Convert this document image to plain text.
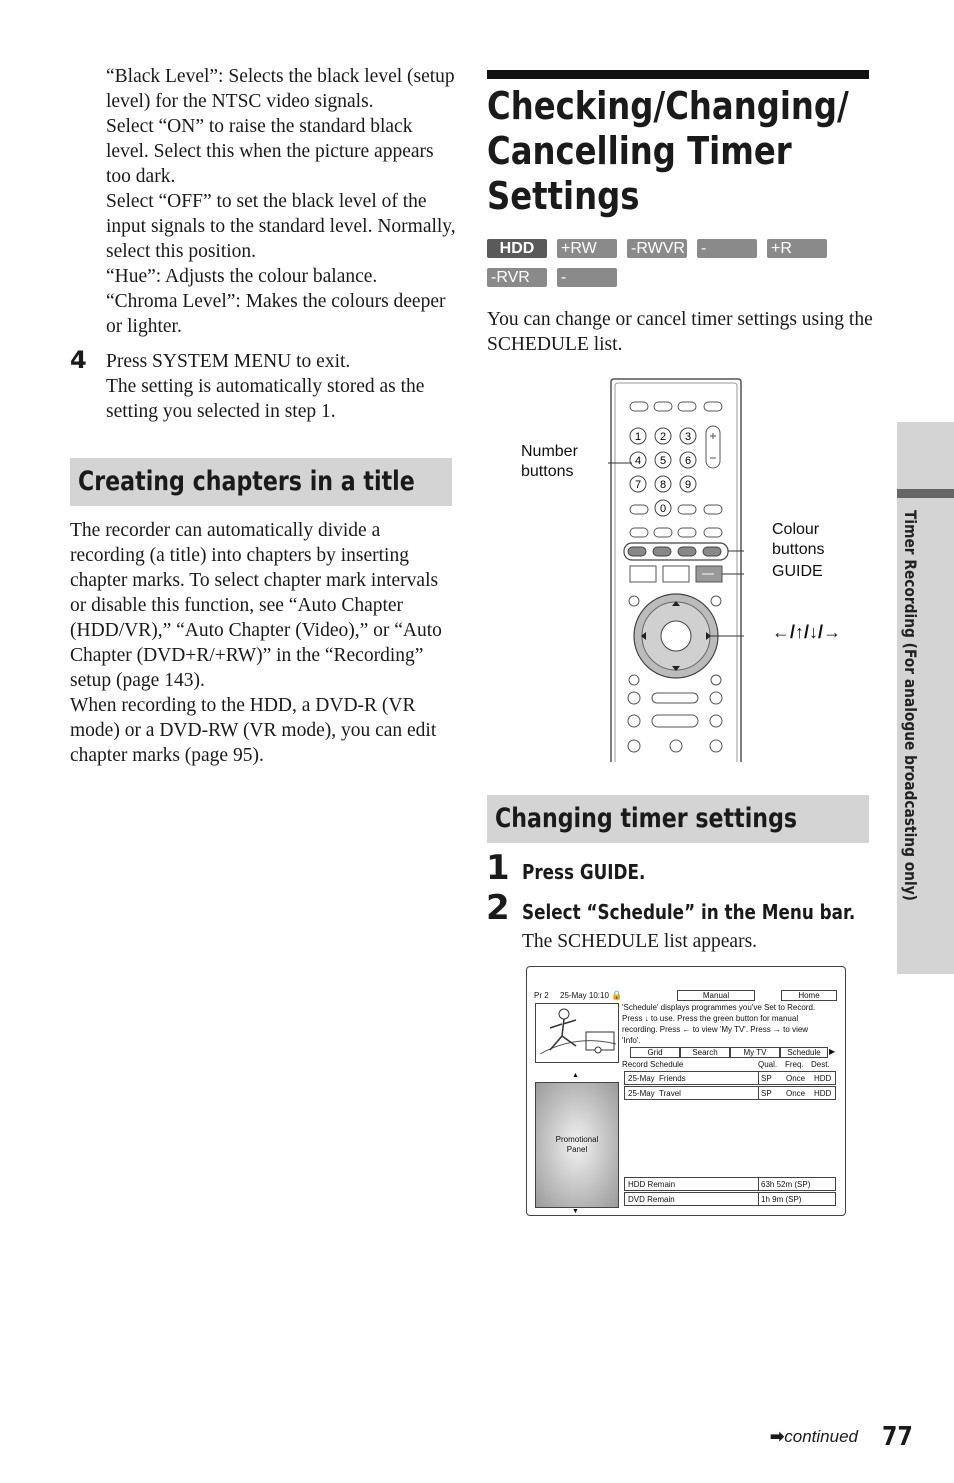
“Black Level”: Selects the black level (setup level) for the NTSC video signals.

Select “ON” to raise the standard black level. Select this when the picture appears too dark.

Select “OFF” to set the black level of the input signals to the standard level. Normally, select this position.

“Hue”: Adjusts the colour balance.

“Chroma Level”: Makes the colours deeper or lighter.

4 Press SYSTEM MENU to exit.
The setting is automatically stored as the setting you selected in step 1.
Creating chapters in a title

The recorder can automatically divide a recording (a title) into chapters by inserting chapter marks. To select chapter mark intervals or disable this function, see “Auto Chapter (HDD/VR),” “Auto Chapter (Video),” or “Auto Chapter (DVD+R/+RW)” in the “Recording” setup (page 143).

When recording to the HDD, a DVD-R (VR mode) or a DVD-RW (VR mode), you can edit chapter marks (page 95).

Checking/Changing/
Cancelling Timer
Settings
HDD	+RW	-RWVR -RWVideo
+R
-RVR	-RVideo

You can change or cancel timer settings using the SCHEDULE list.

1 2 3
4 5 6
7 8 9
0
Number buttons
Colour buttons
GUIDE
←/↑/↓/→
Changing timer settings
1 Press GUIDE.
2 Select “Schedule” in the Menu bar.
The SCHEDULE list appears.
Pr 2 25-May 10:10 🔒	Manual	Home
'Schedule' displays programmes you've Set to Record.
Press ↓ to use. Press the green button for manual
recording. Press ← to view 'My TV'. Press → to view
'Info'.
Grid	Search	My TV	Schedule	▶
Record Schedule	Qual. Freq. Dest.
25-May Friends	SP Once HDD
25-May Travel	SP Once HDD
▲
Promotional
Panel
▼
HDD Remain	63h 52m (SP)
DVD Remain	1h 9m (SP)
Timer Recording (For analogue broadcasting only)
➡continued 77
